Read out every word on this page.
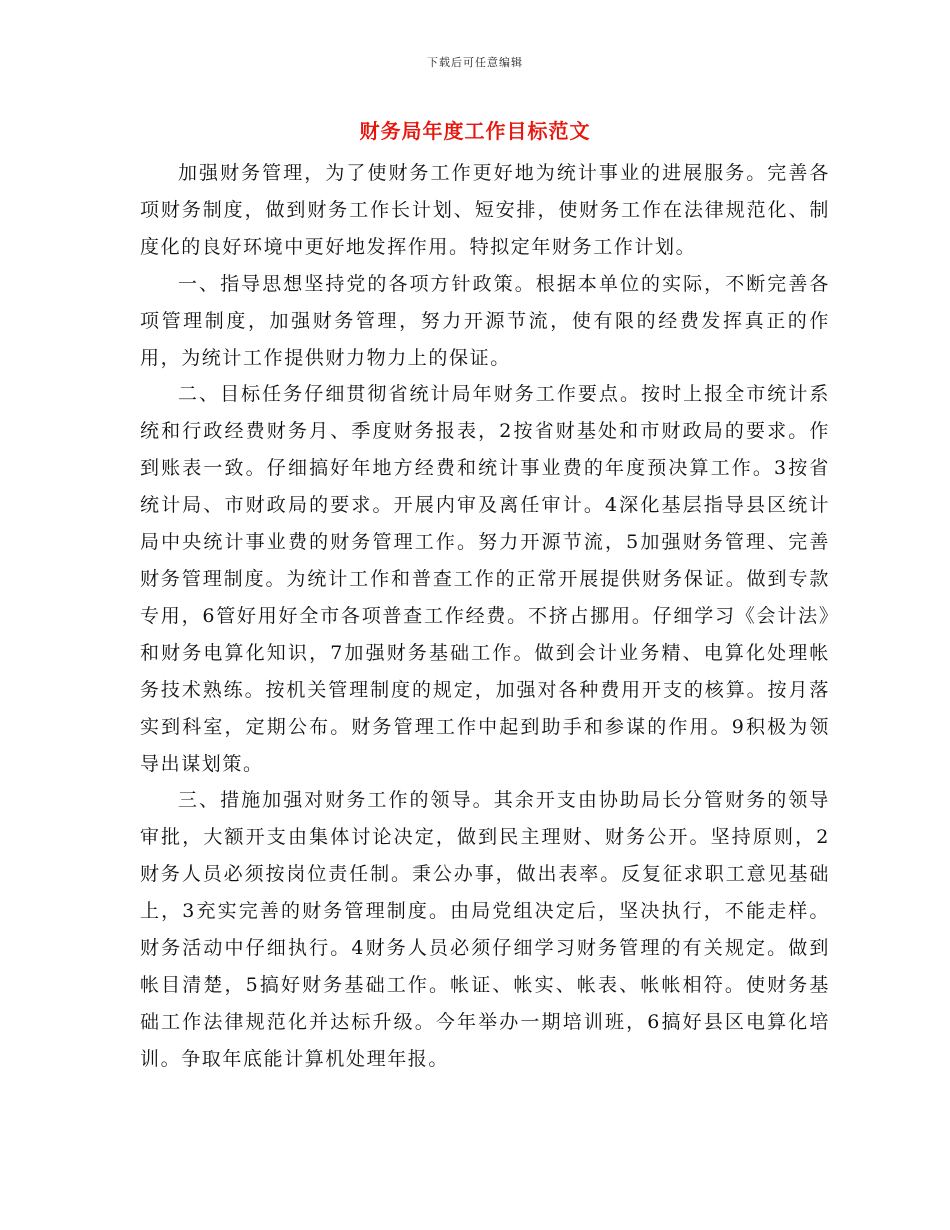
下载后可任意编辑
财务局年度工作目标范文

加强财务管理，为了使财务工作更好地为统计事业的进展服务。完善各项财务制度，做到财务工作长计划、短安排，使财务工作在法律规范化、制度化的良好环境中更好地发挥作用。特拟定年财务工作计划。

一、指导思想坚持党的各项方针政策。根据本单位的实际，不断完善各项管理制度，加强财务管理，努力开源节流，使有限的经费发挥真正的作用，为统计工作提供财力物力上的保证。

二、目标任务仔细贯彻省统计局年财务工作要点。按时上报全市统计系统和行政经费财务月、季度财务报表，2按省财基处和市财政局的要求。作到账表一致。仔细搞好年地方经费和统计事业费的年度预决算工作。3按省统计局、市财政局的要求。开展内审及离任审计。4深化基层指导县区统计局中央统计事业费的财务管理工作。努力开源节流，5加强财务管理、完善财务管理制度。为统计工作和普查工作的正常开展提供财务保证。做到专款专用，6管好用好全市各项普查工作经费。不挤占挪用。仔细学习《会计法》和财务电算化知识，7加强财务基础工作。做到会计业务精、电算化处理帐务技术熟练。按机关管理制度的规定，加强对各种费用开支的核算。按月落实到科室，定期公布。财务管理工作中起到助手和参谋的作用。9积极为领导出谋划策。

三、措施加强对财务工作的领导。其余开支由协助局长分管财务的领导审批，大额开支由集体讨论决定，做到民主理财、财务公开。坚持原则，2财务人员必须按岗位责任制。秉公办事，做出表率。反复征求职工意见基础上，3充实完善的财务管理制度。由局党组决定后，坚决执行，不能走样。财务活动中仔细执行。4财务人员必须仔细学习财务管理的有关规定。做到帐目清楚，5搞好财务基础工作。帐证、帐实、帐表、帐帐相符。使财务基础工作法律规范化并达标升级。今年举办一期培训班，6搞好县区电算化培训。争取年底能计算机处理年报。
